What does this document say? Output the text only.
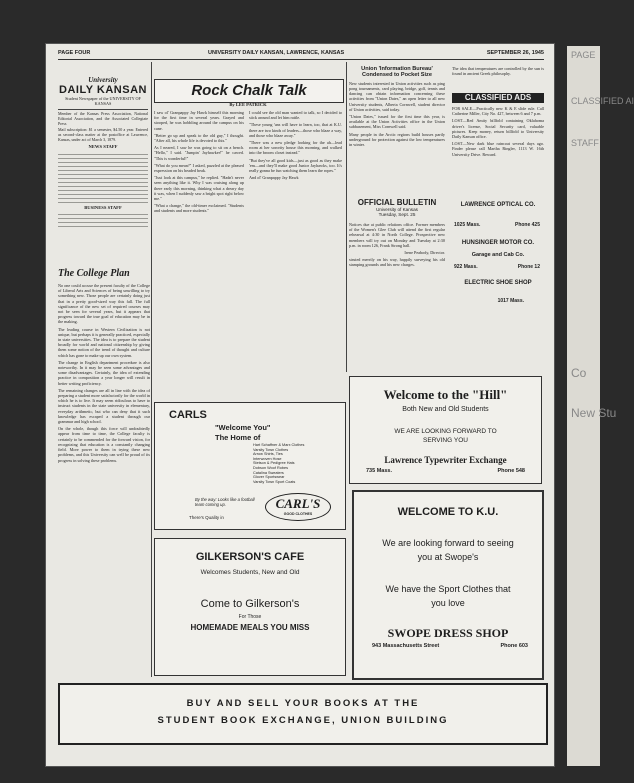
PAGE
CLASSIFIED AI
STAFF
Co
New Stu
PAGE FOUR	UNIVERSITY DAILY KANSAN, LAWRENCE, KANSAS	SEPTEMBER 26, 1945
University
DAILY KANSAN
Student Newspaper of the UNIVERSITY OF KANSAS

Member of the Kansas Press Association, National Editorial Association, and the Associated Collegiate Press

Mail subscription: $1 a semester, $4.50 a year. Entered as second-class matter at the postoffice at Lawrence, Kansas, under act of March 3, 1879.

NEWS STAFF
BUSINESS STAFF
The College Plan

No one could accuse the present faculty of the College of Liberal Arts and Sciences of being unwilling to try something new. Those people are certainly doing just that in a pretty good-sized way this fall. The full significance of the new set of required courses may not be seen for several years, but it appears that progress toward the true goal of education may be in the making.

The leading course in Western Civilization is not unique, but perhaps it is generally practiced, especially in state universities. The idea is to prepare the student broadly for world and national citizenship by giving them some notion of the trend of thought and culture which has gone to make up our own system.

The change in English department procedure is also noteworthy. In it may be seen some advantages and some disadvantages. Certainly, the idea of extending practice in composition a year longer will result in better writing proficiency.

The remaining changes are all in line with the idea of preparing a student more satisfactorily for the world in which he is to live. It may seem ridiculous to have to instruct students in the state university in elementary, everyday arithmetic, but who can deny that it such knowledge has escaped a student through our grammar and high school.

On the whole, though this force will undoubtedly appear from time to time, the College faculty is certainly to be commended for the forward vision, for recognizing that education is a constantly changing field. More power to them in trying these new problems, and this University can well be proud of its progress in solving these problems.

Rock Chalk Talk
By LEE PATRICK

I saw ol' Granpappy Jay Hawk himself this morning for the first time in several years. Grayed and stooped, he was hobbling around the campus on his cane.

"Better go up and speak to the old guy," I thought. "After all, his whole life is devoted to this."

As I neared, I saw he was going to sit on a bench. "Hello," I said. "Jumpin' Jayhawker!" he cawed. "This is wonderful!"

"What do you mean?" I asked, puzzled at the pleased expression on his beaded beak.

"Just look at this campus," he replied. "Hadn't never seen anything like it. Why I was cruising along up there early this morning, thinking what a dreary day it was, when I suddenly saw a bright spot right below me."

"What a change," the old-timer exclaimed. "Students and students and more students."

I could see the old man wanted to talk, so I decided to stick around and let him rattle.

"These young 'uns will have to learn, too, that at K.U. there are two kinds of leaders—those who blaze a way, and those who blaze away."

"There was a new pledge looking for the ah—lead room at her sorority house this morning, and walked into the broom closet instead."

"But they've all good kids—just as good as they make 'em—and they'll make good Junior Jayhawks, too. It's really gonna be fun watching them learn the ropes."

And ol' Granpappy Jay Hawk

Union 'Information Bureau' Condensed to Pocket Size

New students interested in Union activities such as ping pong tournaments, card playing, bridge, golf, tennis and dancing can obtain information concerning these activities from "Union Dates," an open letter to all new University students, Alberta Cornwell, student director of Union activities, said today.

"Union Dates," issued for the first time this year, is available at the Union Activities office in the Union subbasement, Miss Cornwell said.

Many people in the Arctic regions build houses partly underground for protection against the low temperatures in winter.

OFFICIAL BULLETIN
University of Kansas
Tuesday, Sept. 25

Notices due at public relations office. Former members of the Women's Glee Club will attend the first regular rehearsal at 4:30 in North College. Prospective new members will try out on Monday and Tuesday at 2:30 p.m. in room 126, Frank Strong hall.

Irene Peabody, Director.

struted merrily on his way, happily surveying his old stamping grounds and his new charges.

The idea that temperatures are controlled by the sun is found in ancient Greek philosophy.

CLASSIFIED ADS

FOR SALE—Practically new K & E slide rule. Call Catherine Miller, City No. 427, between 6 and 7 p.m.

LOST—Red Amity billfold containing Oklahoma driver's license, Social Security card, valuable pictures. Keep money, return billfold to University Daily Kansan office.

LOST—New dark blue raincoat several days ago. Finder please call Martha Ringler, 1113 W. 16th University Drive. Reward.

LAWRENCE OPTICAL CO.
1025 Mass.	Phone 425
HUNSINGER MOTOR CO.
Garage and Cab Co.
922 Mass.	Phone 12
ELECTRIC SHOE SHOP
1017 Mass.
Welcome to the "Hill"
Both New and Old Students
WE ARE LOOKING FORWARD TO SERVING YOU
Lawrence Typewriter Exchange
735 Mass.	Phone 548
CARLS
"Welcome You"
The Home of
Hart Schaffner & Marx Clothes
Varsity Town Clothes
Arrow Shirts, Ties
Interwoven Hose
Stetson & Pedigree Hats
Dobson Woof Robes
Catalina Sweaters
Glover Sportswear
Varsity Town Sport Coats
By the way: Looks like a football team coming up.
There's Quality in
CARL'S
GOOD CLOTHES
GILKERSON'S CAFE
Welcomes Students, New and Old
Come to Gilkerson's
For Those
HOMEMADE MEALS YOU MISS
WELCOME TO K.U.
We are looking forward to seeing you at Swope's
We have the Sport Clothes that you love
SWOPE DRESS SHOP
943 Massachusetts Street	Phone 603
BUY AND SELL YOUR BOOKS AT THE
STUDENT BOOK EXCHANGE, UNION BUILDING
